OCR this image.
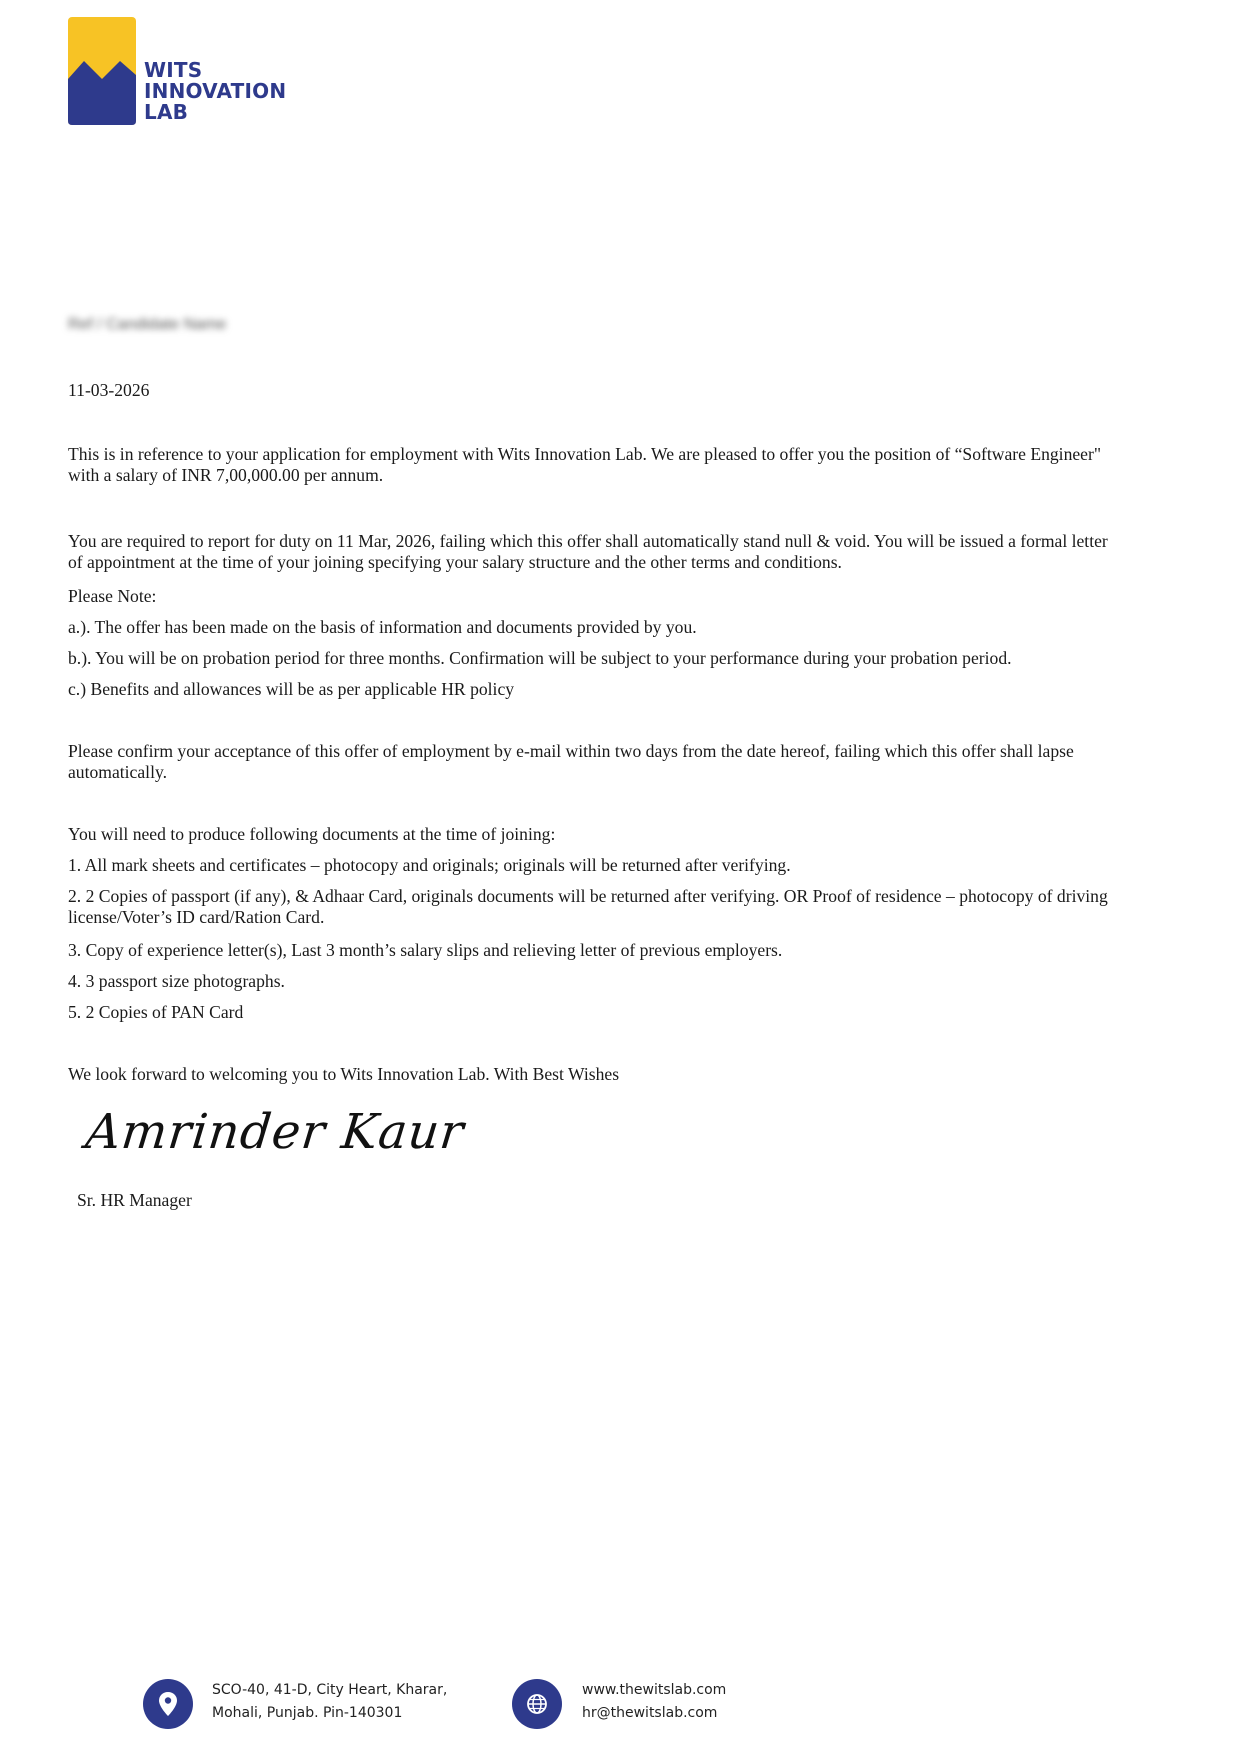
WITS
INNOVATION
LAB
Ref / Candidate Name
11-03-2026
This is in reference to your application for employment with Wits Innovation Lab. We are pleased to offer you the position of “Software Engineer"
with a salary of INR 7,00,000.00 per annum.
You are required to report for duty on 11 Mar, 2026, failing which this offer shall automatically stand null & void. You will be issued a formal letter
of appointment at the time of your joining specifying your salary structure and the other terms and conditions.
Please Note:
a.). The offer has been made on the basis of information and documents provided by you.
b.). You will be on probation period for three months. Confirmation will be subject to your performance during your probation period.
c.) Benefits and allowances will be as per applicable HR policy
Please confirm your acceptance of this offer of employment by e-mail within two days from the date hereof, failing which this offer shall lapse
automatically.
You will need to produce following documents at the time of joining:
1. All mark sheets and certificates – photocopy and originals; originals will be returned after verifying.
2. 2 Copies of passport (if any), & Adhaar Card, originals documents will be returned after verifying. OR Proof of residence – photocopy of driving
license/Voter’s ID card/Ration Card.
3. Copy of experience letter(s), Last 3 month’s salary slips and relieving letter of previous employers.
4. 3 passport size photographs.
5. 2 Copies of PAN Card
We look forward to welcoming you to Wits Innovation Lab. With Best Wishes
Amrinder Kaur
Sr. HR Manager
SCO-40, 41-D, City Heart, Kharar,
Mohali, Punjab. Pin-140301
www.thewitslab.com
hr@thewitslab.com
